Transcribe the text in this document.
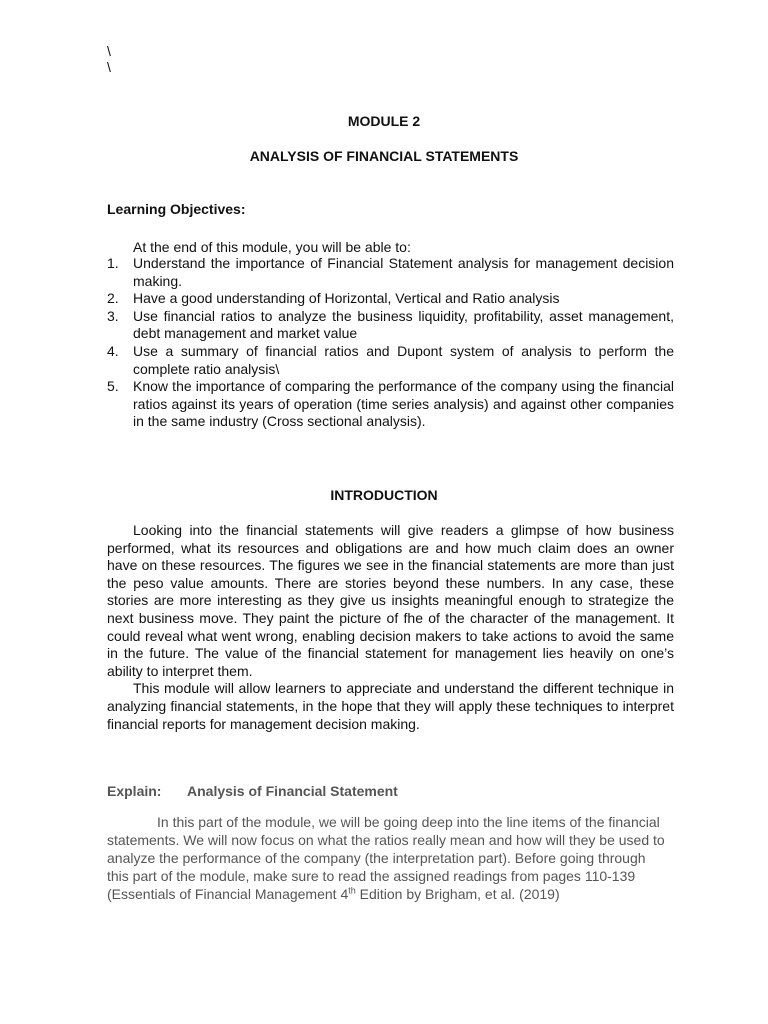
\
\
MODULE 2
ANALYSIS OF FINANCIAL STATEMENTS
Learning Objectives:
At the end of this module, you will be able to:
1.	Understand the importance of Financial Statement analysis for management decision making.
2.	Have a good understanding of Horizontal, Vertical and Ratio analysis
3.	Use financial ratios to analyze the business liquidity, profitability, asset management, debt management and market value
4.	Use a summary of financial ratios and Dupont system of analysis to perform the complete ratio analysis\
5.	Know the importance of comparing the performance of the company using the financial ratios against its years of operation (time series analysis) and against other companies in the same industry (Cross sectional analysis).
INTRODUCTION

Looking into the financial statements will give readers a glimpse of how business performed, what its resources and obligations are and how much claim does an owner have on these resources. The figures we see in the financial statements are more than just the peso value amounts. There are stories beyond these numbers. In any case, these stories are more interesting as they give us insights meaningful enough to strategize the next business move. They paint the picture of fhe of the character of the management. It could reveal what went wrong, enabling decision makers to take actions to avoid the same in the future. The value of the financial statement for management lies heavily on one’s ability to interpret them.

This module will allow learners to appreciate and understand the different technique in analyzing financial statements, in the hope that they will apply these techniques to interpret financial reports for management decision making.

Explain:	Analysis of Financial Statement

In this part of the module, we will be going deep into the line items of the financial statements. We will now focus on what the ratios really mean and how will they be used to analyze the performance of the company (the interpretation part). Before going through this part of the module, make sure to read the assigned readings from pages 110-139 (Essentials of Financial Management 4th Edition by Brigham, et al. (2019)
